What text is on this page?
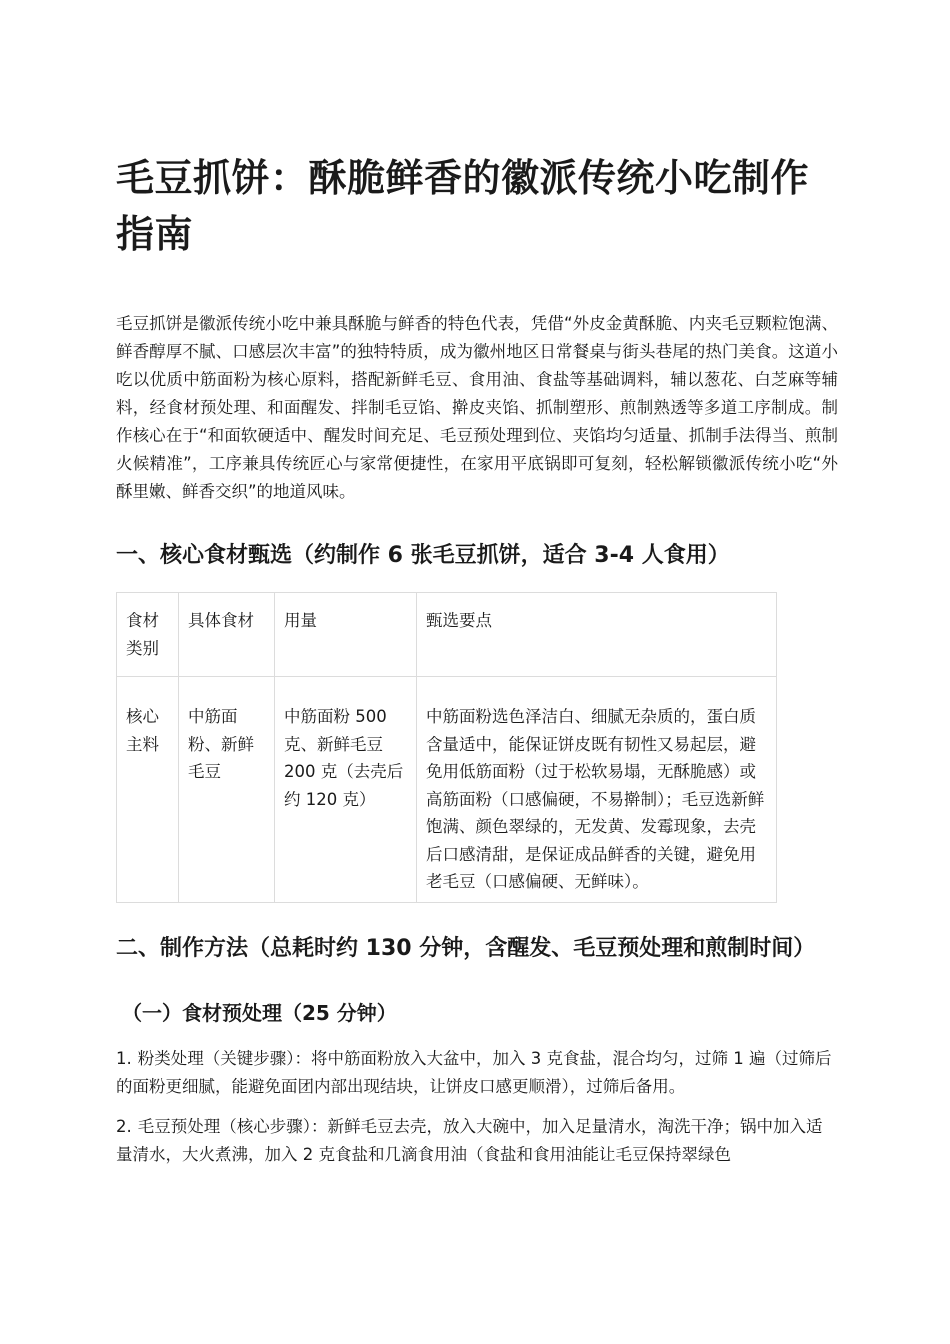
毛豆抓饼：酥脆鲜香的徽派传统小吃制作指南

毛豆抓饼是徽派传统小吃中兼具酥脆与鲜香的特色代表，凭借“外皮金黄酥脆、内夹毛豆颗粒饱满、鲜香醇厚不腻、口感层次丰富”的独特特质，成为徽州地区日常餐桌与街头巷尾的热门美食。这道小吃以优质中筋面粉为核心原料，搭配新鲜毛豆、食用油、食盐等基础调料，辅以葱花、白芝麻等辅料，经食材预处理、和面醒发、拌制毛豆馅、擀皮夹馅、抓制塑形、煎制熟透等多道工序制成。制作核心在于“和面软硬适中、醒发时间充足、毛豆预处理到位、夹馅均匀适量、抓制手法得当、煎制火候精准”，工序兼具传统匠心与家常便捷性，在家用平底锅即可复刻，轻松解锁徽派传统小吃“外酥里嫩、鲜香交织”的地道风味。

一、核心食材甄选（约制作 6 张毛豆抓饼，适合 3-4 人食用）
食材类别	具体食材	用量	甄选要点
核心主料	中筋面粉、新鲜毛豆	中筋面粉 500 克、新鲜毛豆 200 克（去壳后约 120 克）	中筋面粉选色泽洁白、细腻无杂质的，蛋白质含量适中，能保证饼皮既有韧性又易起层，避免用低筋面粉（过于松软易塌，无酥脆感）或高筋面粉（口感偏硬，不易擀制）；毛豆选新鲜饱满、颜色翠绿的，无发黄、发霉现象，去壳后口感清甜，是保证成品鲜香的关键，避免用老毛豆（口感偏硬、无鲜味）。
二、制作方法（总耗时约 130 分钟，含醒发、毛豆预处理和煎制时间）
（一）食材预处理（25 分钟）
1. 粉类处理（关键步骤）：将中筋面粉放入大盆中，加入 3 克食盐，混合均匀，过筛 1 遍（过筛后的面粉更细腻，能避免面团内部出现结块，让饼皮口感更顺滑），过筛后备用。
2. 毛豆预处理（核心步骤）：新鲜毛豆去壳，放入大碗中，加入足量清水，淘洗干净；锅中加入适量清水，大火煮沸，加入 2 克食盐和几滴食用油（食盐和食用油能让毛豆保持翠绿色
